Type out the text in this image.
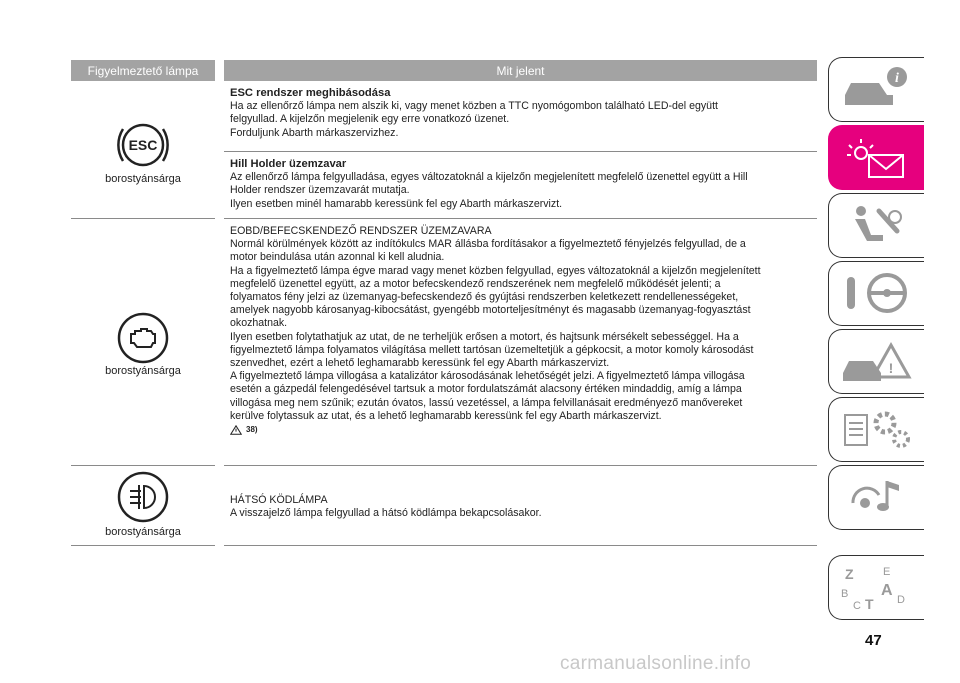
Figyelmeztető lámpa	Mit jelent
ESC
borostyánsárga

ESC rendszer meghibásodása

Ha az ellenőrző lámpa nem alszik ki, vagy menet közben a TTC nyomógombon található LED-del együtt

felgyullad. A kijelzőn megjelenik egy erre vonatkozó üzenet.

Forduljunk Abarth márkaszervizhez.

Hill Holder üzemzavar

Az ellenőrző lámpa felgyulladása, egyes változatoknál a kijelzőn megjelenített megfelelő üzenettel együtt a Hill

Holder rendszer üzemzavarát mutatja.

Ilyen esetben minél hamarabb keressünk fel egy Abarth márkaszervizt.

borostyánsárga

EOBD/BEFECSKENDEZŐ RENDSZER ÜZEMZAVARA

Normál körülmények között az indítókulcs MAR állásba fordításakor a figyelmeztető fényjelzés felgyullad, de a

motor beindulása után azonnal ki kell aludnia.

Ha a figyelmeztető lámpa égve marad vagy menet közben felgyullad, egyes változatoknál a kijelzőn megjelenített

megfelelő üzenettel együtt, az a motor befecskendező rendszerének nem megfelelő működését jelenti; a

folyamatos fény jelzi az üzemanyag-befecskendező és gyújtási rendszerben keletkezett rendellenességeket,

amelyek nagyobb károsanyag-kibocsátást, gyengébb motorteljesítményt és magasabb üzemanyag-fogyasztást

okozhatnak.

Ilyen esetben folytathatjuk az utat, de ne terheljük erősen a motort, és hajtsunk mérsékelt sebességgel. Ha a

figyelmeztető lámpa folyamatos világítása mellett tartósan üzemeltetjük a gépkocsit, a motor komoly károsodást

szenvedhet, ezért a lehető leghamarabb keressünk fel egy Abarth márkaszervizt.

A figyelmeztető lámpa villogása a katalizátor károsodásának lehetőségét jelzi. A figyelmeztető lámpa villogása

esetén a gázpedál felengedésével tartsuk a motor fordulatszámát alacsony értéken mindaddig, amíg a lámpa

villogása meg nem szűnik; ezután óvatos, lassú vezetéssel, a lámpa felvillanásait eredményező manővereket

kerülve folytassuk az utat, és a lehető leghamarabb keressünk fel egy Abarth márkaszervizt.

38)

borostyánsárga

HÁTSÓ KÖDLÁMPA

A visszajelző lámpa felgyullad a hátsó ködlámpa bekapcsolásakor.

i
!
Z	E
A
B
C T D
47
carmanualsonline.info
